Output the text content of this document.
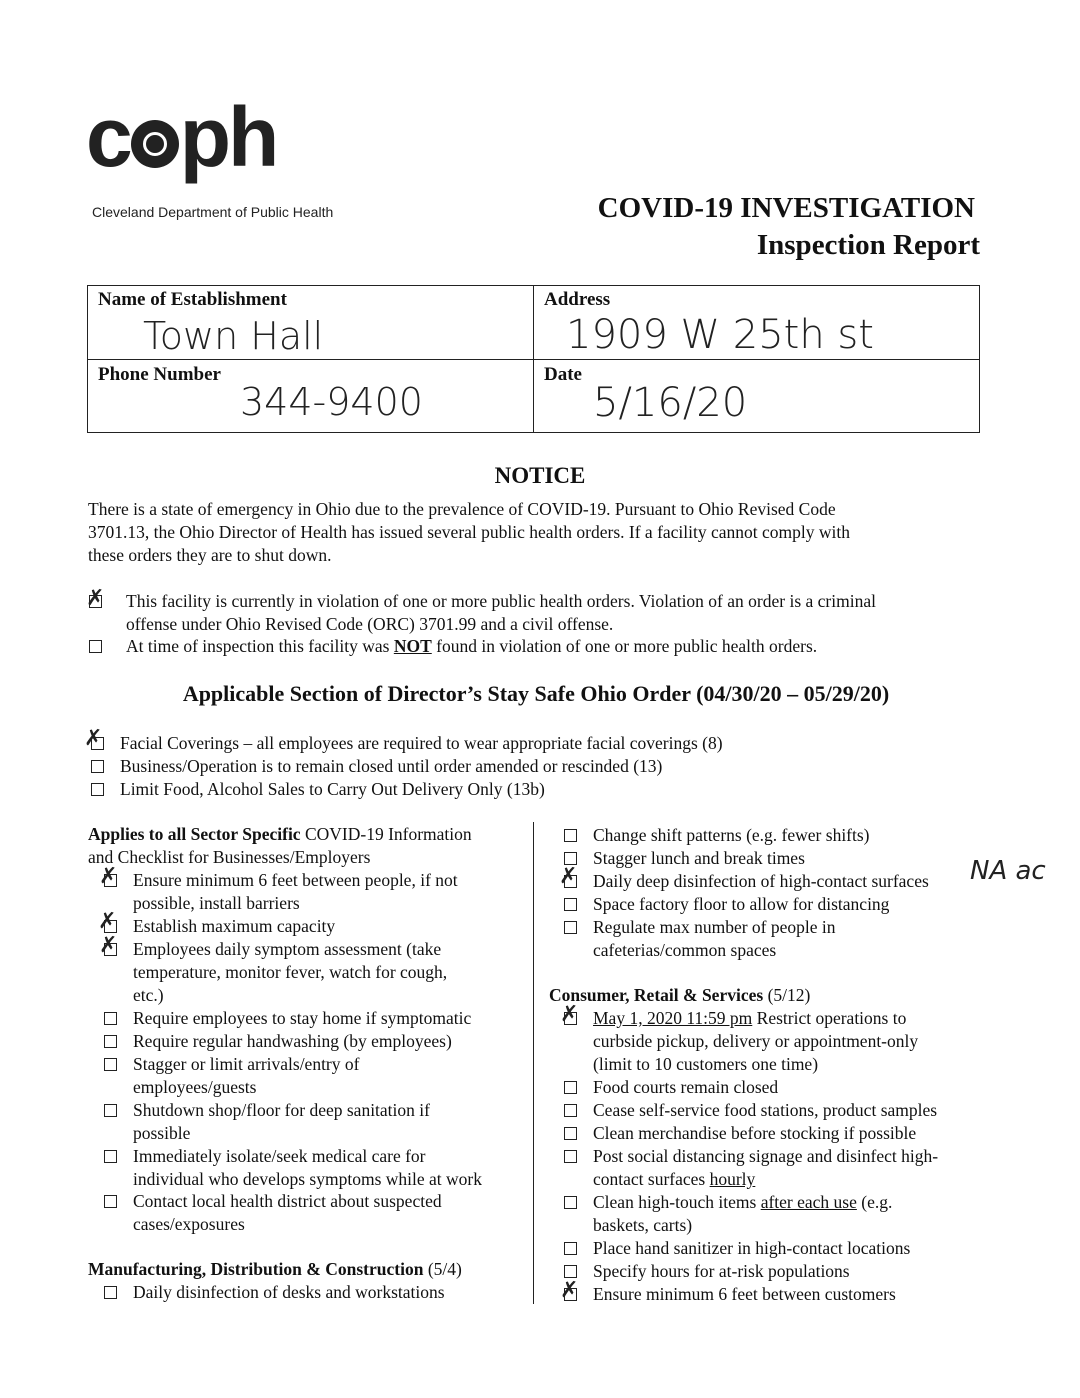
c ph
Cleveland Department of Public Health	COVID-19 INVESTIGATION
Inspection Report
Name of Establishment
Town Hall
Address
1909 W 25th st
Phone Number
344-9400
Date
5/16/20
NOTICE
There is a state of emergency in Ohio due to the prevalence of COVID-19. Pursuant to Ohio Revised Code
3701.13, the Ohio Director of Health has issued several public health orders. If a facility cannot comply with
these orders they are to shut down.
✗ This facility is currently in violation of one or more public health orders. Violation of an order is a criminal
offense under Ohio Revised Code (ORC) 3701.99 and a civil offense.
At time of inspection this facility was NOT found in violation of one or more public health orders.
Applicable Section of Director’s Stay Safe Ohio Order (04/30/20 – 05/29/20)
✗ Facial Coverings – all employees are required to wear appropriate facial coverings (8)
Business/Operation is to remain closed until order amended or rescinded (13)
Limit Food, Alcohol Sales to Carry Out Delivery Only (13b)
Applies to all Sector Specific COVID-19 Information
and Checklist for Businesses/Employers
✗ Ensure minimum 6 feet between people, if not
possible, install barriers
✗ Establish maximum capacity
✗ Employees daily symptom assessment (take
temperature, monitor fever, watch for cough,
etc.)
Require employees to stay home if symptomatic
Require regular handwashing (by employees)
Stagger or limit arrivals/entry of
employees/guests
Shutdown shop/floor for deep sanitation if
possible
Immediately isolate/seek medical care for
individual who develops symptoms while at work
Contact local health district about suspected
cases/exposures
Manufacturing, Distribution & Construction (5/4)
Daily disinfection of desks and workstations
Change shift patterns (e.g. fewer shifts)
Stagger lunch and break times
✗ Daily deep disinfection of high-contact surfaces NA ac
Space factory floor to allow for distancing
Regulate max number of people in
cafeterias/common spaces
Consumer, Retail & Services (5/12)
✗ May 1, 2020 11:59 pm Restrict operations to
curbside pickup, delivery or appointment-only
(limit to 10 customers one time)
Food courts remain closed
Cease self-service food stations, product samples
Clean merchandise before stocking if possible
Post social distancing signage and disinfect high-
contact surfaces hourly
Clean high-touch items after each use (e.g.
baskets, carts)
Place hand sanitizer in high-contact locations
Specify hours for at-risk populations
✗ Ensure minimum 6 feet between customers
